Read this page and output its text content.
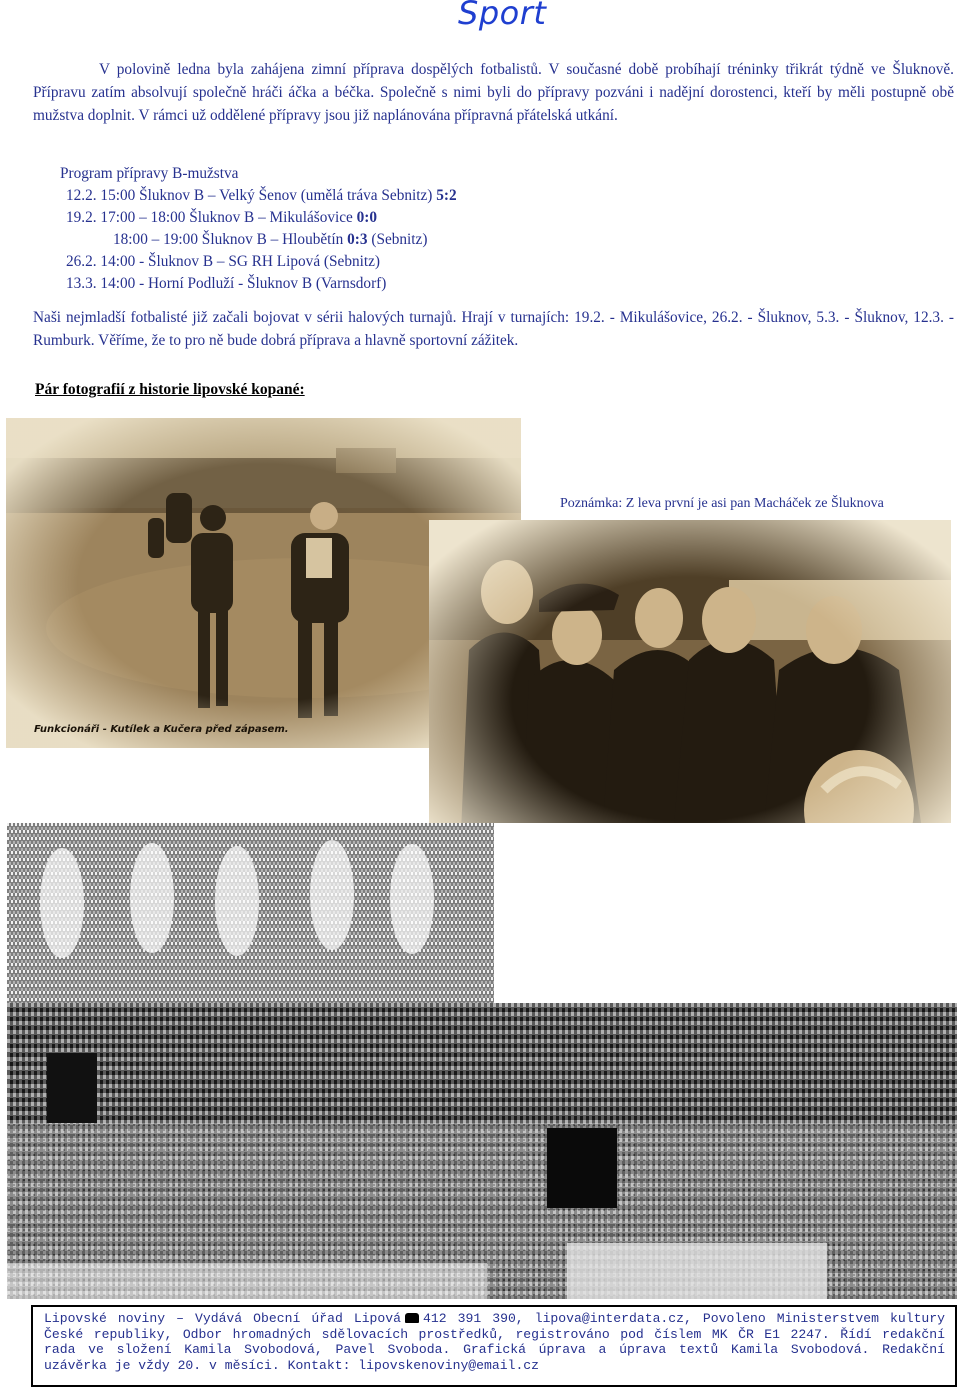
Sport

V polovině ledna byla zahájena zimní příprava dospělých fotbalistů. V současné době probíhají tréninky třikrát týdně ve Šluknově. Přípravu zatím absolvují společně hráči áčka a béčka. Společně s nimi byli do přípravy pozváni i nadějní dorostenci, kteří by měli postupně obě mužstva doplnit. V rámci už oddělené přípravy jsou již naplánována přípravná přátelská utkání.

Program přípravy B-mužstva
12.2. 15:00 Šluknov B – Velký Šenov (umělá tráva Sebnitz) 5:2
19.2. 17:00 – 18:00 Šluknov B – Mikulášovice 0:0
18:00 – 19:00 Šluknov B – Hloubětín 0:3 (Sebnitz)
26.2. 14:00 - Šluknov B – SG RH Lipová (Sebnitz)
13.3. 14:00 - Horní Podluží - Šluknov B (Varnsdorf)

Naši nejmladší fotbalisté již začali bojovat v sérii halových turnajů. Hrají v turnajích: 19.2. - Mikulášovice, 26.2. - Šluknov, 5.3. - Šluknov, 12.3. - Rumburk. Věříme, že to pro ně bude dobrá příprava a hlavně sportovní zážitek.

Pár fotografií z historie lipovské kopané:
Funkcionáři - Kutílek a Kučera před zápasem.
Poznámka: Z leva první je asi pan Macháček ze Šluknova
Lipovské noviny – Vydává Obecní úřad Lipová 412 391 390, lipova@interdata.cz, Povoleno Ministerstvem kultury České republiky, Odbor hromadných sdělovacích prostředků, registrováno pod číslem MK ČR E1 2247. Řídí redakční rada ve složení Kamila Svobodová, Pavel Svoboda. Grafická úprava a úprava textů Kamila Svobodová. Redakční uzávěrka je vždy 20. v měsíci. Kontakt: lipovskenoviny@email.cz
